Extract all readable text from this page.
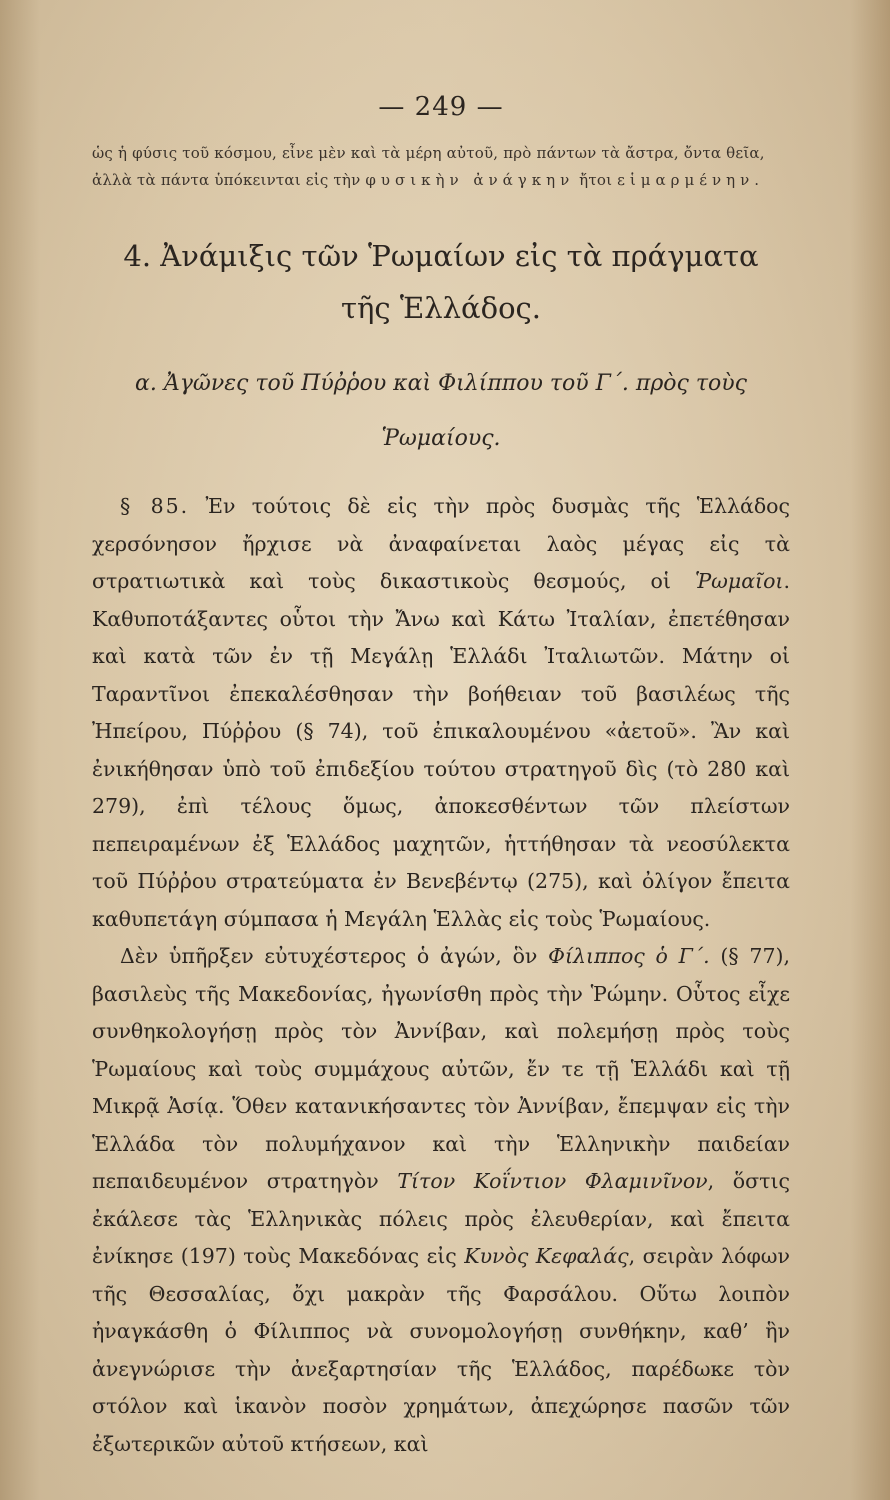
— 249 —
ὡς ἡ φύσις τοῦ κόσμου, εἶνε μὲν καὶ τὰ μέρη αὐτοῦ, πρὸ πάντων τὰ ἄστρα, ὄντα θεῖα, ἀλλὰ τὰ πάντα ὑπόκεινται εἰς τὴν φυσικὴν ἀνάγκην ἤτοι εἱμαρμένην.
4. Ἀνάμιξις τῶν Ῥωμαίων εἰς τὰ πράγματα
τῆς Ἑλλάδος.
α. Ἀγῶνες τοῦ Πύῤῥου καὶ Φιλίππου τοῦ Γ΄. πρὸς τοὺς
Ῥωμαίους.

§ 85. Ἐν τούτοις δὲ εἰς τὴν πρὸς δυσμὰς τῆς Ἑλλάδος χερσόνησον ἤρχισε νὰ ἀναφαίνεται λαὸς μέγας εἰς τὰ στρατιωτικὰ καὶ τοὺς δικαστικοὺς θεσμούς, οἱ Ῥωμαῖοι. Καθυποτάξαντες οὗτοι τὴν Ἄνω καὶ Κάτω Ἰταλίαν, ἐπετέθησαν καὶ κατὰ τῶν ἐν τῇ Μεγάλῃ Ἑλλάδι Ἰταλιωτῶν. Μάτην οἱ Ταραντῖνοι ἐπεκαλέσθησαν τὴν βοήθειαν τοῦ βασιλέως τῆς Ἠπείρου, Πύῤῥου (§ 74), τοῦ ἐπικαλουμένου «ἀετοῦ». Ἂν καὶ ἐνικήθησαν ὑπὸ τοῦ ἐπιδεξίου τούτου στρατηγοῦ δὶς (τὸ 280 καὶ 279), ἐπὶ τέλους ὅμως, ἀποκεσθέντων τῶν πλείστων πεπειραμένων ἐξ Ἑλλάδος μαχητῶν, ἡττήθησαν τὰ νεοσύλεκτα τοῦ Πύῤῥου στρατεύματα ἐν Βενεβέντῳ (275), καὶ ὀλίγον ἔπειτα καθυπετάγη σύμπασα ἡ Μεγάλη Ἑλλὰς εἰς τοὺς Ῥωμαίους.

Δὲν ὑπῆρξεν εὐτυχέστερος ὁ ἀγών, ὃν Φίλιππος ὁ Γ΄. (§ 77), βασιλεὺς τῆς Μακεδονίας, ἠγωνίσθη πρὸς τὴν Ῥώμην. Οὗτος εἶχε συνθηκολογήσῃ πρὸς τὸν Ἀννίβαν, καὶ πολεμήσῃ πρὸς τοὺς Ῥωμαίους καὶ τοὺς συμμάχους αὐτῶν, ἔν τε τῇ Ἑλλάδι καὶ τῇ Μικρᾷ Ἀσίᾳ. Ὅθεν κατανικήσαντες τὸν Ἀννίβαν, ἔπεμψαν εἰς τὴν Ἑλλάδα τὸν πολυμήχανον καὶ τὴν Ἑλληνικὴν παιδείαν πεπαιδευμένον στρατηγὸν Τίτον Κοΐντιον Φλαμινῖνον, ὅστις ἐκάλεσε τὰς Ἑλληνικὰς πόλεις πρὸς ἐλευθερίαν, καὶ ἔπειτα ἐνίκησε (197) τοὺς Μακεδόνας εἰς Κυνὸς Κεφαλάς, σειρὰν λόφων τῆς Θεσσαλίας, ὄχι μακρὰν τῆς Φαρσάλου. Οὕτω λοιπὸν ἠναγκάσθη ὁ Φίλιππος νὰ συνομολογήσῃ συνθήκην, καθ’ ἣν ἀνεγνώρισε τὴν ἀνεξαρτησίαν τῆς Ἑλλάδος, παρέδωκε τὸν στόλον καὶ ἱκανὸν ποσὸν χρημάτων, ἀπεχώρησε πασῶν τῶν ἐξωτερικῶν αὐτοῦ κτήσεων, καὶ
